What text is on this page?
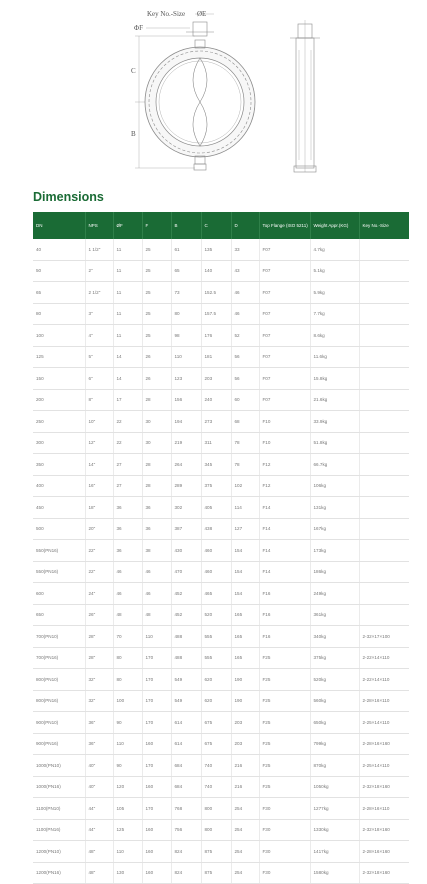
Key No.-Size ØE
ΦF
C
B
Dimensions
DN	NPS	ØF	F	B	C	D	Top Flange (ISO 5211)	Weight Appr.(KG)	Key No.-Size
40	1 1/2"	11	25	61	135	33	F07	4.7kg	
50	2"	11	25	65	140	43	F07	5.1kg	
65	2 1/2"	11	25	73	152.5	46	F07	5.9kg	
80	3"	11	25	80	157.5	46	F07	7.7kg	
100	4"	11	25	98	176	52	F07	8.6kg	
125	5"	14	26	110	181	56	F07	11.6kg	
150	6"	14	26	123	203	56	F07	15.8kg	
200	8"	17	28	156	240	60	F07	21.6kg	
250	10"	22	30	194	273	68	F10	33.9kg	
300	12"	22	30	219	311	78	F10	51.8kg	
350	14"	27	28	264	345	78	F12	66.7kg	
400	16"	27	28	289	375	102	F12	106kg	
450	18"	36	36	302	405	114	F14	131kg	
500	20"	36	36	387	438	127	F14	167kg	
550(PN16)	22"	36	38	430	460	154	F14	173kg	
550(PN16)	22"	46	46	470	460	154	F14	186kg	
600	24"	46	46	452	465	154	F16	249kg	
650	26"	48	48	452	520	165	F16	361kg	
700(PN10)	28"	70	110	488	555	165	F16	340kg	2-32×17×100
700(PN16)	28"	80	170	488	555	165	F25	375kg	2-22×14×110
800(PN10)	32"	80	170	549	620	190	F25	520kg	2-22×14×110
800(PN16)	32"	100	170	549	620	190	F25	560kg	2-28×16×110
900(PN10)	36"	90	170	614	675	203	F25	650kg	2-25×14×110
900(PN16)	36"	110	160	614	675	203	F25	799kg	2-28×16×160
1000(PN10)	40"	90	170	684	740	216	F25	870kg	2-25×14×110
1000(PN16)	40"	120	160	684	740	216	F25	1050kg	2-32×18×160
1100(PN10)	44"	105	170	768	800	254	F30	1277kg	2-28×16×110
1100(PN16)	44"	125	160	756	800	254	F30	1330kg	2-32×18×160
1200(PN10)	48"	110	160	824	875	254	F30	1417kg	2-28×16×160
1200(PN16)	48"	130	160	824	875	254	F30	1580kg	2-32×18×160
